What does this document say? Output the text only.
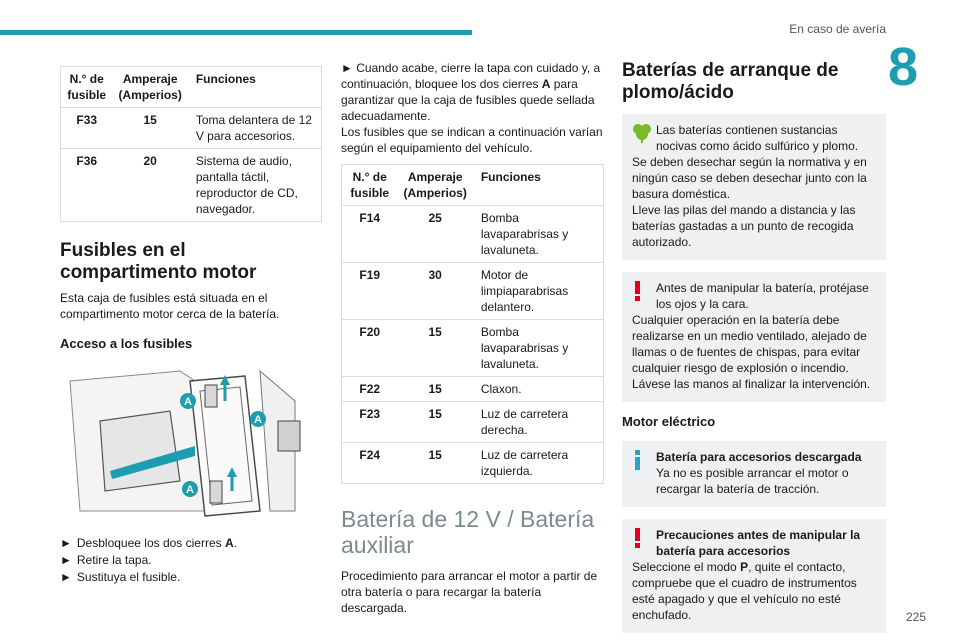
En caso de avería
8
N.° de fusible	Amperaje (Amperios)	Funciones
F33	15	Toma delantera de 12 V para accesorios.
F36	20	Sistema de audio, pantalla táctil, reproductor de CD, navegador.
Fusibles en el compartimento motor

Esta caja de fusibles está situada en el compartimento motor cerca de la batería.

Acceso a los fusibles
A
A
A
► Desbloquee los dos cierres A.
► Retire la tapa.
► Sustituya el fusible.

► Cuando acabe, cierre la tapa con cuidado y, a continuación, bloquee los dos cierres A para garantizar que la caja de fusibles quede sellada adecuadamente.

Los fusibles que se indican a continuación varían según el equipamiento del vehículo.

N.° de fusible	Amperaje (Amperios)	Funciones
F14	25	Bomba lavaparabrisas y lavaluneta.
F19	30	Motor de limpiaparabrisas delantero.
F20	15	Bomba lavaparabrisas y lavaluneta.
F22	15	Claxon.
F23	15	Luz de carretera derecha.
F24	15	Luz de carretera izquierda.
Batería de 12 V / Batería auxiliar

Procedimiento para arrancar el motor a partir de otra batería o para recargar la batería descargada.

Baterías de arranque de plomo/ácido
Las baterías contienen sustancias nocivas como ácido sulfúrico y plomo.
Se deben desechar según la normativa y en ningún caso se deben desechar junto con la basura doméstica.
Lleve las pilas del mando a distancia y las baterías gastadas a un punto de recogida autorizado.
Antes de manipular la batería, protéjase los ojos y la cara.
Cualquier operación en la batería debe realizarse en un medio ventilado, alejado de llamas o de fuentes de chispas, para evitar cualquier riesgo de explosión o incendio.
Lávese las manos al finalizar la intervención.
Motor eléctrico
Batería para accesorios descargada
Ya no es posible arrancar el motor o recargar la batería de tracción.
Precauciones antes de manipular la batería para accesorios
Seleccione el modo P, quite el contacto, compruebe que el cuadro de instrumentos esté apagado y que el vehículo no esté enchufado.	225
